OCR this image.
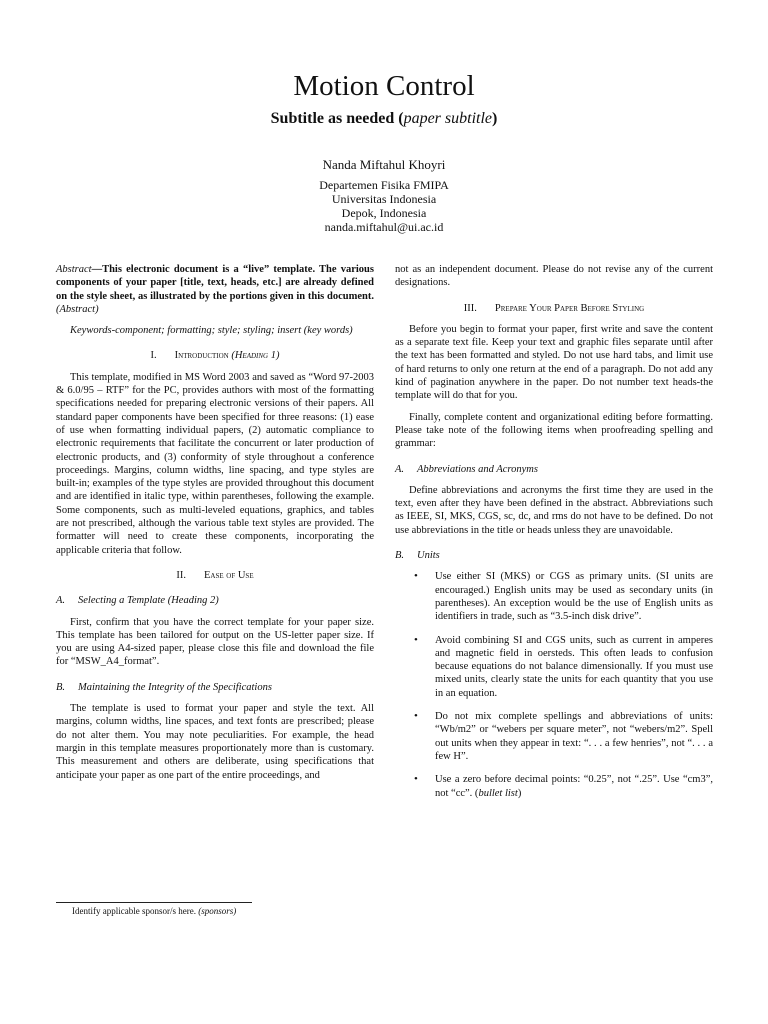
Motion Control
Subtitle as needed (paper subtitle)
Nanda Miftahul Khoyri
Departemen Fisika FMIPA
Universitas Indonesia
Depok, Indonesia
nanda.miftahul@ui.ac.id

Abstract—This electronic document is a “live” template. The various components of your paper [title, text, heads, etc.] are already defined on the style sheet, as illustrated by the portions given in this document. (Abstract)

Keywords-component; formatting; style; styling; insert (key words)

I. Introduction (Heading 1)

This template, modified in MS Word 2003 and saved as “Word 97-2003 & 6.0/95 – RTF” for the PC, provides authors with most of the formatting specifications needed for preparing electronic versions of their papers. All standard paper components have been specified for three reasons: (1) ease of use when formatting individual papers, (2) automatic compliance to electronic requirements that facilitate the concurrent or later production of electronic products, and (3) conformity of style throughout a conference proceedings. Margins, column widths, line spacing, and type styles are built-in; examples of the type styles are provided throughout this document and are identified in italic type, within parentheses, following the example. Some components, such as multi-leveled equations, graphics, and tables are not prescribed, although the various table text styles are provided. The formatter will need to create these components, incorporating the applicable criteria that follow.

II. Ease of Use
A. Selecting a Template (Heading 2)

First, confirm that you have the correct template for your paper size. This template has been tailored for output on the US-letter paper size. If you are using A4-sized paper, please close this file and download the file for “MSW_A4_format”.

B. Maintaining the Integrity of the Specifications

The template is used to format your paper and style the text. All margins, column widths, line spaces, and text fonts are prescribed; please do not alter them. You may note peculiarities. For example, the head margin in this template measures proportionately more than is customary. This measurement and others are deliberate, using specifications that anticipate your paper as one part of the entire proceedings, and

not as an independent document. Please do not revise any of the current designations.

III. Prepare Your Paper Before Styling

Before you begin to format your paper, first write and save the content as a separate text file. Keep your text and graphic files separate until after the text has been formatted and styled. Do not use hard tabs, and limit use of hard returns to only one return at the end of a paragraph. Do not add any kind of pagination anywhere in the paper. Do not number text heads-the template will do that for you.

Finally, complete content and organizational editing before formatting. Please take note of the following items when proofreading spelling and grammar:

A. Abbreviations and Acronyms

Define abbreviations and acronyms the first time they are used in the text, even after they have been defined in the abstract. Abbreviations such as IEEE, SI, MKS, CGS, sc, dc, and rms do not have to be defined. Do not use abbreviations in the title or heads unless they are unavoidable.

B. Units
• Use either SI (MKS) or CGS as primary units. (SI units are encouraged.) English units may be used as secondary units (in parentheses). An exception would be the use of English units as identifiers in trade, such as “3.5-inch disk drive”.
• Avoid combining SI and CGS units, such as current in amperes and magnetic field in oersteds. This often leads to confusion because equations do not balance dimensionally. If you must use mixed units, clearly state the units for each quantity that you use in an equation.
• Do not mix complete spellings and abbreviations of units: “Wb/m2” or “webers per square meter”, not “webers/m2”. Spell out units when they appear in text: “. . . a few henries”, not “. . . a few H”.
• Use a zero before decimal points: “0.25”, not “.25”. Use “cm3”, not “cc”. (bullet list)
Identify applicable sponsor/s here. (sponsors)
